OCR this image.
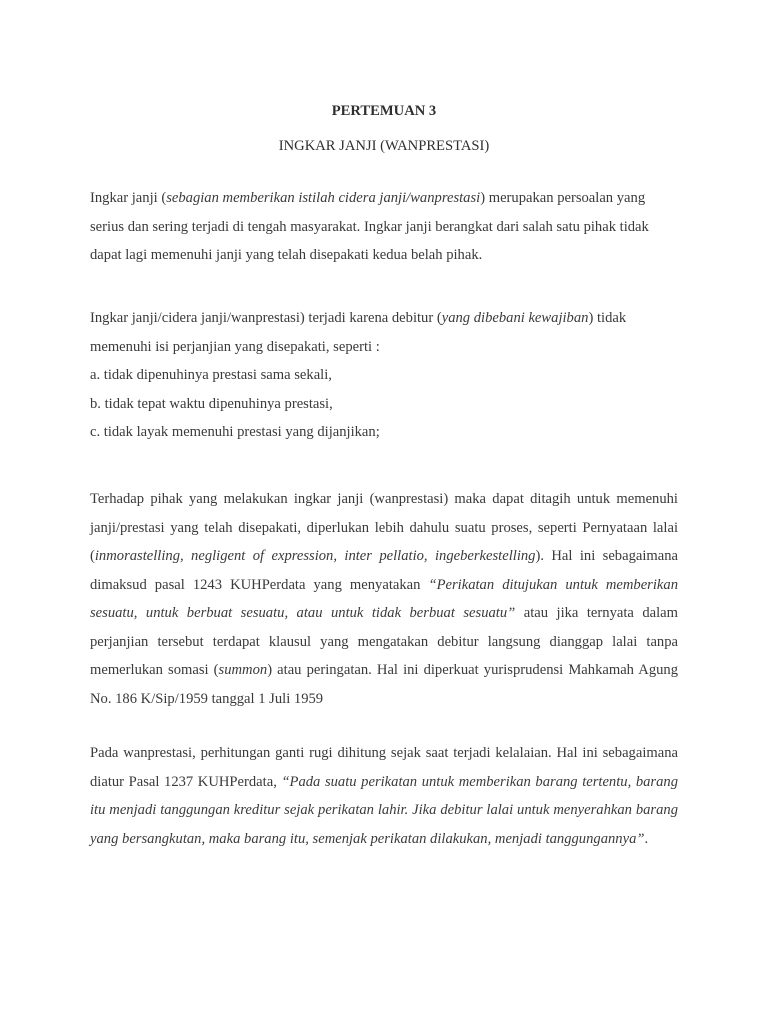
PERTEMUAN 3
INGKAR JANJI (WANPRESTASI)

Ingkar janji (sebagian memberikan istilah cidera janji/wanprestasi) merupakan persoalan yang
serius dan sering terjadi di tengah masyarakat. Ingkar janji berangkat dari salah satu pihak tidak
dapat lagi memenuhi janji yang telah disepakati kedua belah pihak.

Ingkar janji/cidera janji/wanprestasi) terjadi karena debitur (yang dibebani kewajiban) tidak
memenuhi isi perjanjian yang disepakati, seperti :
a. tidak dipenuhinya prestasi sama sekali,
b. tidak tepat waktu dipenuhinya prestasi,
c. tidak layak memenuhi prestasi yang dijanjikan;

Terhadap pihak yang melakukan ingkar janji (wanprestasi) maka dapat ditagih untuk memenuhi janji/prestasi yang telah disepakati, diperlukan lebih dahulu suatu proses, seperti Pernyataan lalai (inmorastelling, negligent of expression, inter pellatio, ingeberkestelling). Hal ini sebagaimana dimaksud pasal 1243 KUHPerdata yang menyatakan “Perikatan ditujukan untuk memberikan sesuatu, untuk berbuat sesuatu, atau untuk tidak berbuat sesuatu” atau jika ternyata dalam perjanjian tersebut terdapat klausul yang mengatakan debitur langsung dianggap lalai tanpa memerlukan somasi (summon) atau peringatan. Hal ini diperkuat yurisprudensi Mahkamah Agung No. 186 K/Sip/1959 tanggal 1 Juli 1959

Pada wanprestasi, perhitungan ganti rugi dihitung sejak saat terjadi kelalaian. Hal ini sebagaimana diatur Pasal 1237 KUHPerdata, “Pada suatu perikatan untuk memberikan barang tertentu, barang itu menjadi tanggungan kreditur sejak perikatan lahir. Jika debitur lalai untuk menyerahkan barang yang bersangkutan, maka barang itu, semenjak perikatan dilakukan, menjadi tanggungannya”.
